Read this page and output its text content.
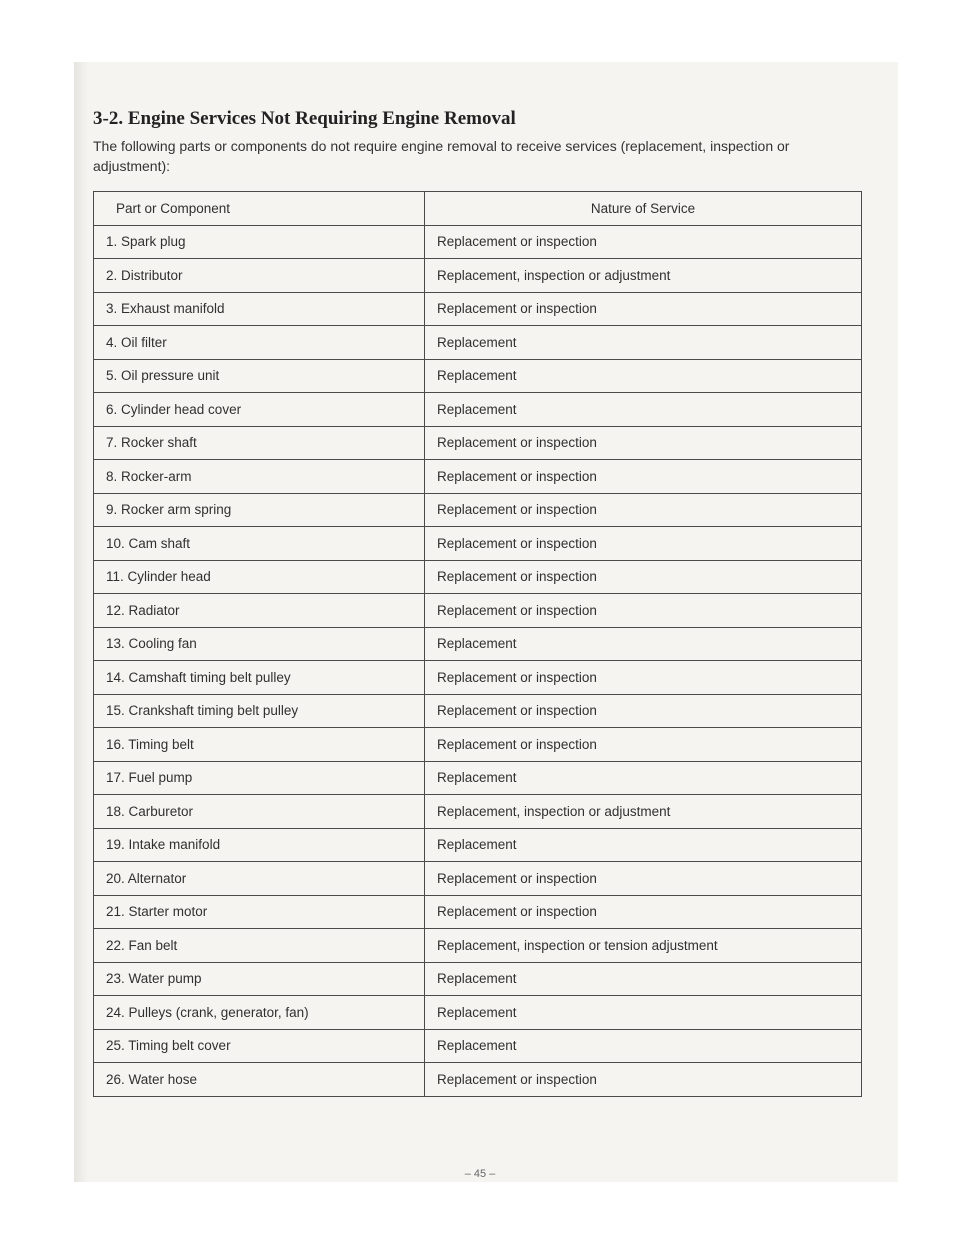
3-2. Engine Services Not Requiring Engine Removal

The following parts or components do not require engine removal to receive services (replacement, inspection or adjustment):

Part or Component	Nature of Service
1. Spark plug	Replacement or inspection
2. Distributor	Replacement, inspection or adjustment
3. Exhaust manifold	Replacement or inspection
4. Oil filter	Replacement
5. Oil pressure unit	Replacement
6. Cylinder head cover	Replacement
7. Rocker shaft	Replacement or inspection
8. Rocker-arm	Replacement or inspection
9. Rocker arm spring	Replacement or inspection
10. Cam shaft	Replacement or inspection
11. Cylinder head	Replacement or inspection
12. Radiator	Replacement or inspection
13. Cooling fan	Replacement
14. Camshaft timing belt pulley	Replacement or inspection
15. Crankshaft timing belt pulley	Replacement or inspection
16. Timing belt	Replacement or inspection
17. Fuel pump	Replacement
18. Carburetor	Replacement, inspection or adjustment
19. Intake manifold	Replacement
20. Alternator	Replacement or inspection
21. Starter motor	Replacement or inspection
22. Fan belt	Replacement, inspection or tension adjustment
23. Water pump	Replacement
24. Pulleys (crank, generator, fan)	Replacement
25. Timing belt cover	Replacement
26. Water hose	Replacement or inspection
– 45 –
